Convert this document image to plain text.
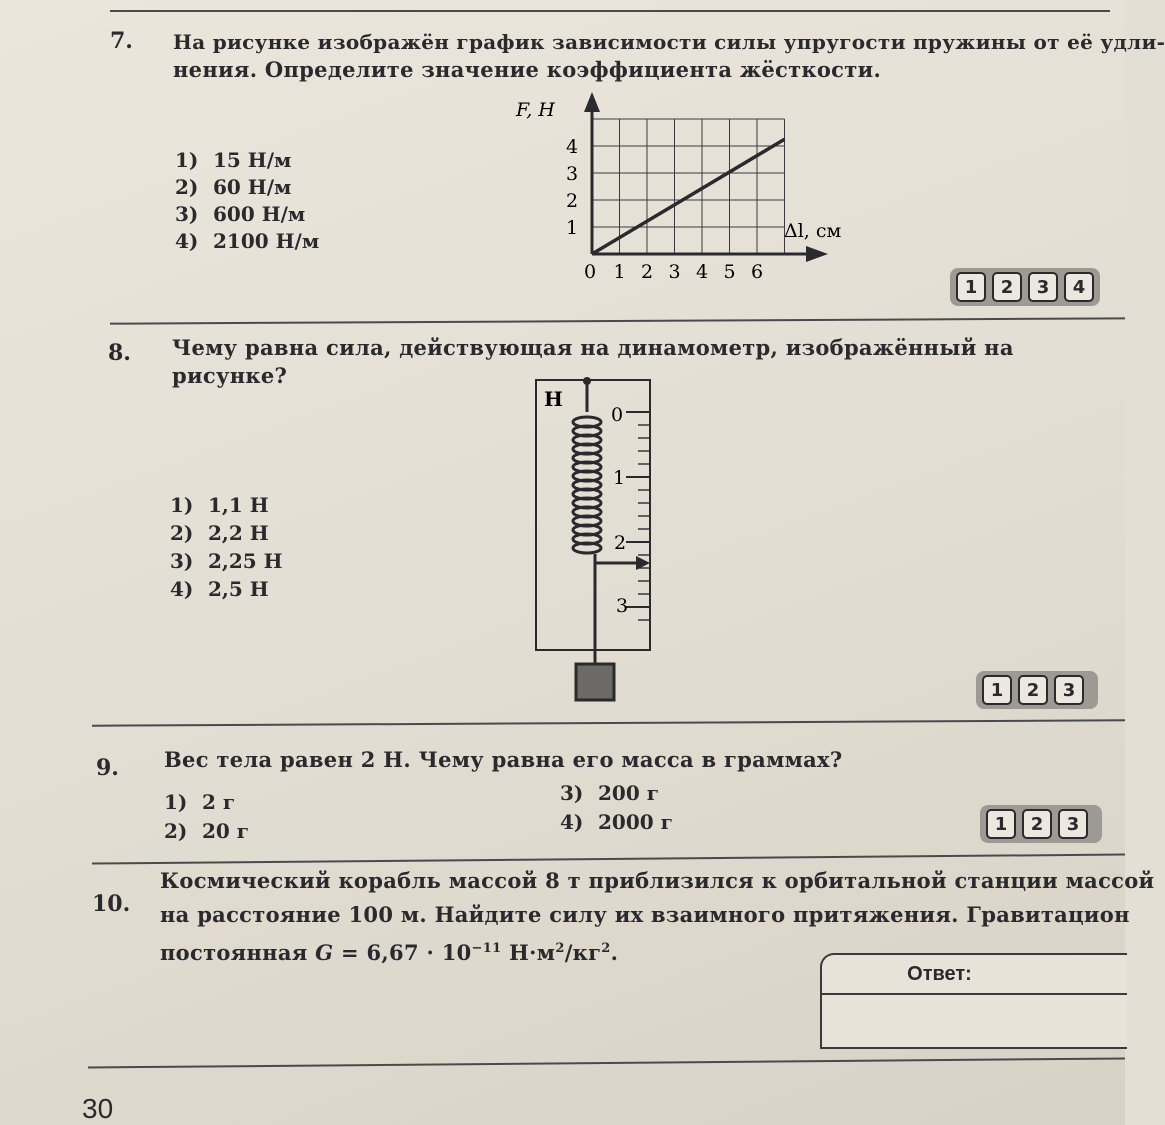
7. На рисунке изображён график зависимости силы упругости пружины от её удли-
нения. Определите значение коэффициента жёсткости.
1) 15 Н/м
2) 60 Н/м
3) 600 Н/м
4) 2100 Н/м
F, Н
Δl, см
0 1 2 3 4 5 6
1
2
3
4
1	2	3	4
8. Чему равна сила, действующая на динамометр, изображённый на рисунке?
1) 1,1 Н
2) 2,2 Н
3) 2,25 Н
4) 2,5 Н
Н
0
1
2
3
1	2	3
9. Вес тела равен 2 Н. Чему равна его масса в граммах?
1) 2 г
2) 20 г
3) 200 г
4) 2000 г	1	2	3
10.
Космический корабль массой 8 т приблизился к орбитальной станции массой
на расстояние 100 м. Найдите силу их взаимного притяжения. Гравитацион
постоянная $G = 6,67 \cdot 10^{-11}$ $Н\cdot м^2/кг^2$.
Ответ:
30
